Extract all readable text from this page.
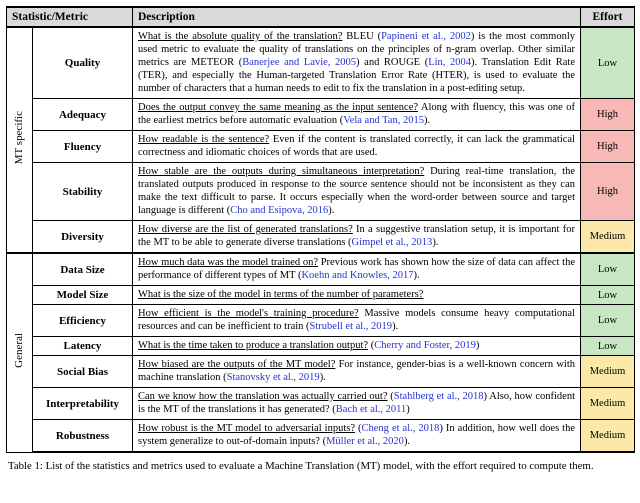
Statistic/Metric		Description	Effort
MT specific	Quality	What is the absolute quality of the translation? BLEU (Papineni et al., 2002) is the most commonly used metric to evaluate the quality of translations on the principles of n-gram overlap. Other similar metrics are METEOR (Banerjee and Lavie, 2005) and ROUGE (Lin, 2004). Translation Edit Rate (TER), and especially the Human-targeted Translation Error Rate (HTER), is used to evaluate the number of characters that a human needs to edit to fix the translation in a post-editing setup.	Low
	Adequacy	Does the output convey the same meaning as the input sentence? Along with fluency, this was one of the earliest metrics before automatic evaluation (Vela and Tan, 2015).	High
	Fluency	How readable is the sentence? Even if the content is translated correctly, it can lack the grammatical correctness and idiomatic choices of words that are used.	High
	Stability	How stable are the outputs during simultaneous interpretation? During real-time translation, the translated outputs produced in response to the source sentence should not be inconsistent as they can make the text difficult to parse. It occurs especially when the word-order between source and target language is different (Cho and Esipova, 2016).	High
	Diversity	How diverse are the list of generated translations? In a suggestive translation setup, it is important for the MT to be able to generate diverse translations (Gimpel et al., 2013).	Medium
General	Data Size	How much data was the model trained on? Previous work has shown how the size of data can affect the performance of different types of MT (Koehn and Knowles, 2017).	Low
	Model Size	What is the size of the model in terms of the number of parameters?	Low
	Efficiency	How efficient is the model's training procedure? Massive models consume heavy computational resources and can be inefficient to train (Strubell et al., 2019).	Low
	Latency	What is the time taken to produce a translation output? (Cherry and Foster, 2019)	Low
	Social Bias	How biased are the outputs of the MT model? For instance, gender-bias is a well-known concern with machine translation (Stanovsky et al., 2019).	Medium
	Interpretability	Can we know how the translation was actually carried out? (Stahlberg et al., 2018) Also, how confident is the MT of the translations it has generated? (Bach et al., 2011)	Medium
	Robustness	How robust is the MT model to adversarial inputs? (Cheng et al., 2018) In addition, how well does the system generalize to out-of-domain inputs? (Müller et al., 2020).	Medium
Table 1: List of the statistics and metrics used to evaluate a Machine Translation (MT) model, with the effort required to compute them.
